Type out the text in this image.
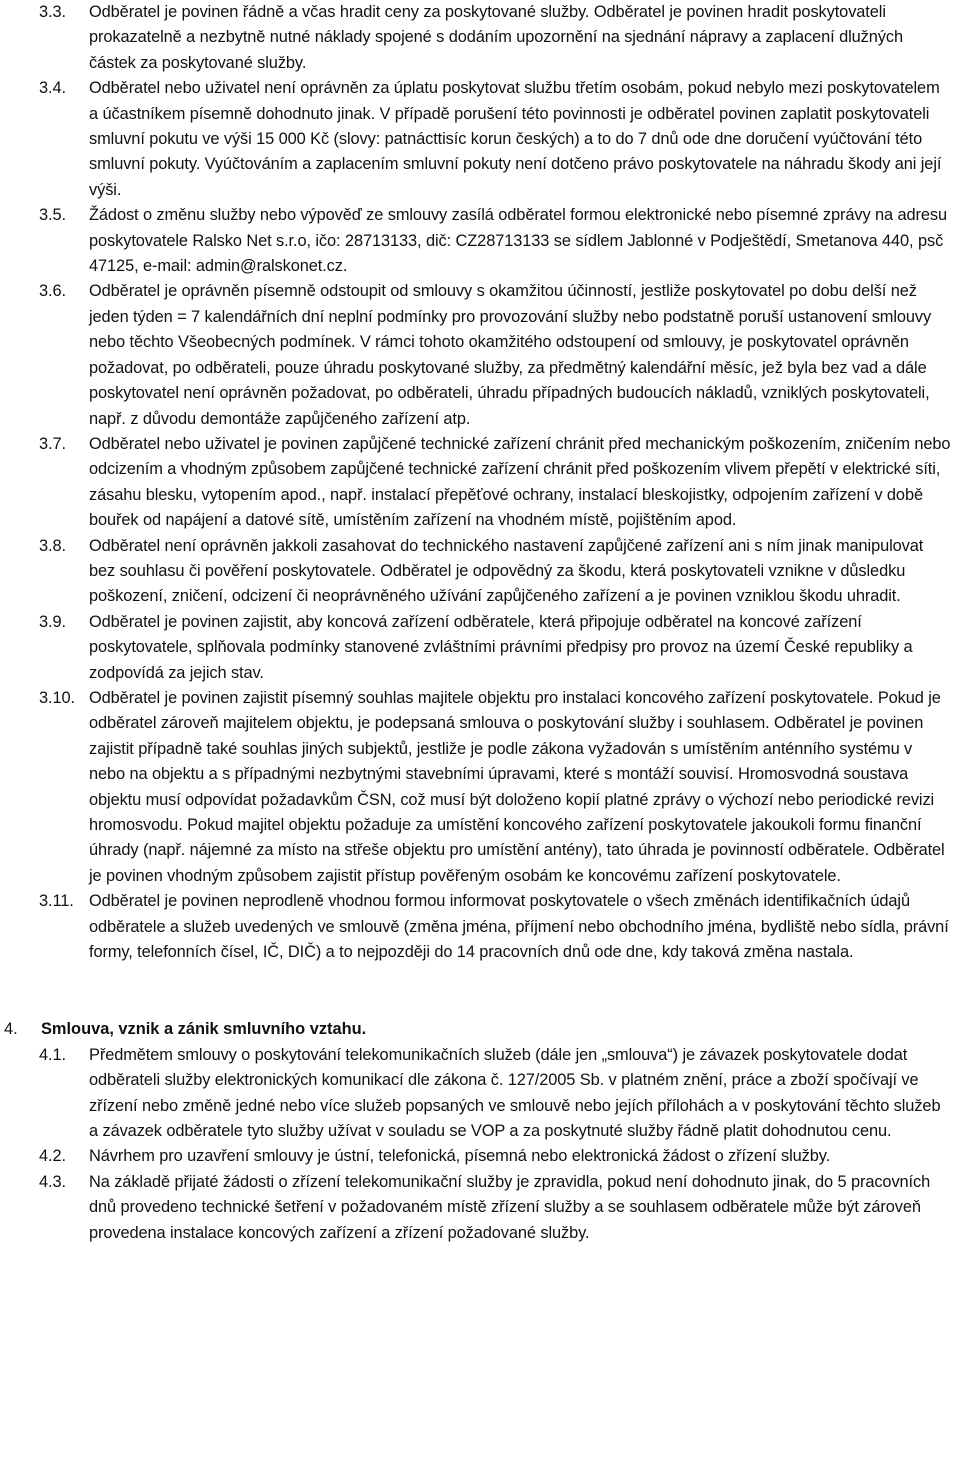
3.3. Odběratel je povinen řádně a včas hradit ceny za poskytované služby. Odběratel je povinen hradit poskytovateli prokazatelně a nezbytně nutné náklady spojené s dodáním upozornění na sjednání nápravy a zaplacení dlužných částek za poskytované služby.
3.4. Odběratel nebo uživatel není oprávněn za úplatu poskytovat službu třetím osobám, pokud nebylo mezi poskytovatelem a účastníkem písemně dohodnuto jinak. V případě porušení této povinnosti je odběratel povinen zaplatit poskytovateli smluvní pokutu ve výši 15 000 Kč (slovy: patnácttisíc korun českých) a to do 7 dnů ode dne doručení vyúčtování této smluvní pokuty. Vyúčtováním a zaplacením smluvní pokuty není dotčeno právo poskytovatele na náhradu škody ani její výši.
3.5. Žádost o změnu služby nebo výpověď ze smlouvy zasílá odběratel formou elektronické nebo písemné zprávy na adresu poskytovatele Ralsko Net s.r.o, ičo: 28713133, dič: CZ28713133 se sídlem Jablonné v Podještědí, Smetanova 440, psč 47125, e-mail: admin@ralskonet.cz.
3.6. Odběratel je oprávněn písemně odstoupit od smlouvy s okamžitou účinností, jestliže poskytovatel po dobu delší než jeden týden = 7 kalendářních dní neplní podmínky pro provozování služby nebo podstatně poruší ustanovení smlouvy nebo těchto Všeobecných podmínek. V rámci tohoto okamžitého odstoupení od smlouvy, je poskytovatel oprávněn požadovat, po odběrateli, pouze úhradu poskytované služby, za předmětný kalendářní měsíc, jež byla bez vad a dále poskytovatel není oprávněn požadovat, po odběrateli, úhradu případných budoucích nákladů, vzniklých poskytovateli, např. z důvodu demontáže zapůjčeného zařízení atp.
3.7. Odběratel nebo uživatel je povinen zapůjčené technické zařízení chránit před mechanickým poškozením, zničením nebo odcizením a vhodným způsobem zapůjčené technické zařízení chránit před poškozením vlivem přepětí v elektrické síti, zásahu blesku, vytopením apod., např. instalací přepěťové ochrany, instalací bleskojistky, odpojením zařízení v době bouřek od napájení a datové sítě, umístěním zařízení na vhodném místě, pojištěním apod.
3.8. Odběratel není oprávněn jakkoli zasahovat do technického nastavení zapůjčené zařízení ani s ním jinak manipulovat bez souhlasu či pověření poskytovatele. Odběratel je odpovědný za škodu, která poskytovateli vznikne v důsledku poškození, zničení, odcizení či neoprávněného užívání zapůjčeného zařízení a je povinen vzniklou škodu uhradit.
3.9. Odběratel je povinen zajistit, aby koncová zařízení odběratele, která připojuje odběratel na koncové zařízení poskytovatele, splňovala podmínky stanovené zvláštními právními předpisy pro provoz na území České republiky a zodpovídá za jejich stav.
3.10. Odběratel je povinen zajistit písemný souhlas majitele objektu pro instalaci koncového zařízení poskytovatele. Pokud je odběratel zároveň majitelem objektu, je podepsaná smlouva o poskytování služby i souhlasem. Odběratel je povinen zajistit případně také souhlas jiných subjektů, jestliže je podle zákona vyžadován s umístěním anténního systému v nebo na objektu a s případnými nezbytnými stavebními úpravami, které s montáží souvisí. Hromosvodná soustava objektu musí odpovídat požadavkům ČSN, což musí být doloženo kopií platné zprávy o výchozí nebo periodické revizi hromosvodu. Pokud majitel objektu požaduje za umístění koncového zařízení poskytovatele jakoukoli formu finanční úhrady (např. nájemné za místo na střeše objektu pro umístění antény), tato úhrada je povinností odběratele. Odběratel je povinen vhodným způsobem zajistit přístup pověřeným osobám ke koncovému zařízení poskytovatele.
3.11. Odběratel je povinen neprodleně vhodnou formou informovat poskytovatele o všech změnách identifikačních údajů odběratele a služeb uvedených ve smlouvě (změna jména, příjmení nebo obchodního jména, bydliště nebo sídla, právní formy, telefonních čísel, IČ, DIČ) a to nejpozději do 14 pracovních dnů ode dne, kdy taková změna nastala.
4. Smlouva, vznik a zánik smluvního vztahu.
4.1. Předmětem smlouvy o poskytování telekomunikačních služeb (dále jen „smlouva“) je závazek poskytovatele dodat odběrateli služby elektronických komunikací dle zákona č. 127/2005 Sb. v platném znění, práce a zboží spočívají ve zřízení nebo změně jedné nebo více služeb popsaných ve smlouvě nebo jejích přílohách a v poskytování těchto služeb a závazek odběratele tyto služby užívat v souladu se VOP a za poskytnuté služby řádně platit dohodnutou cenu.
4.2. Návrhem pro uzavření smlouvy je ústní, telefonická, písemná nebo elektronická žádost o zřízení služby.
4.3. Na základě přijaté žádosti o zřízení telekomunikační služby je zpravidla, pokud není dohodnuto jinak, do 5 pracovních dnů provedeno technické šetření v požadovaném místě zřízení služby a se souhlasem odběratele může být zároveň provedena instalace koncových zařízení a zřízení požadované služby.
